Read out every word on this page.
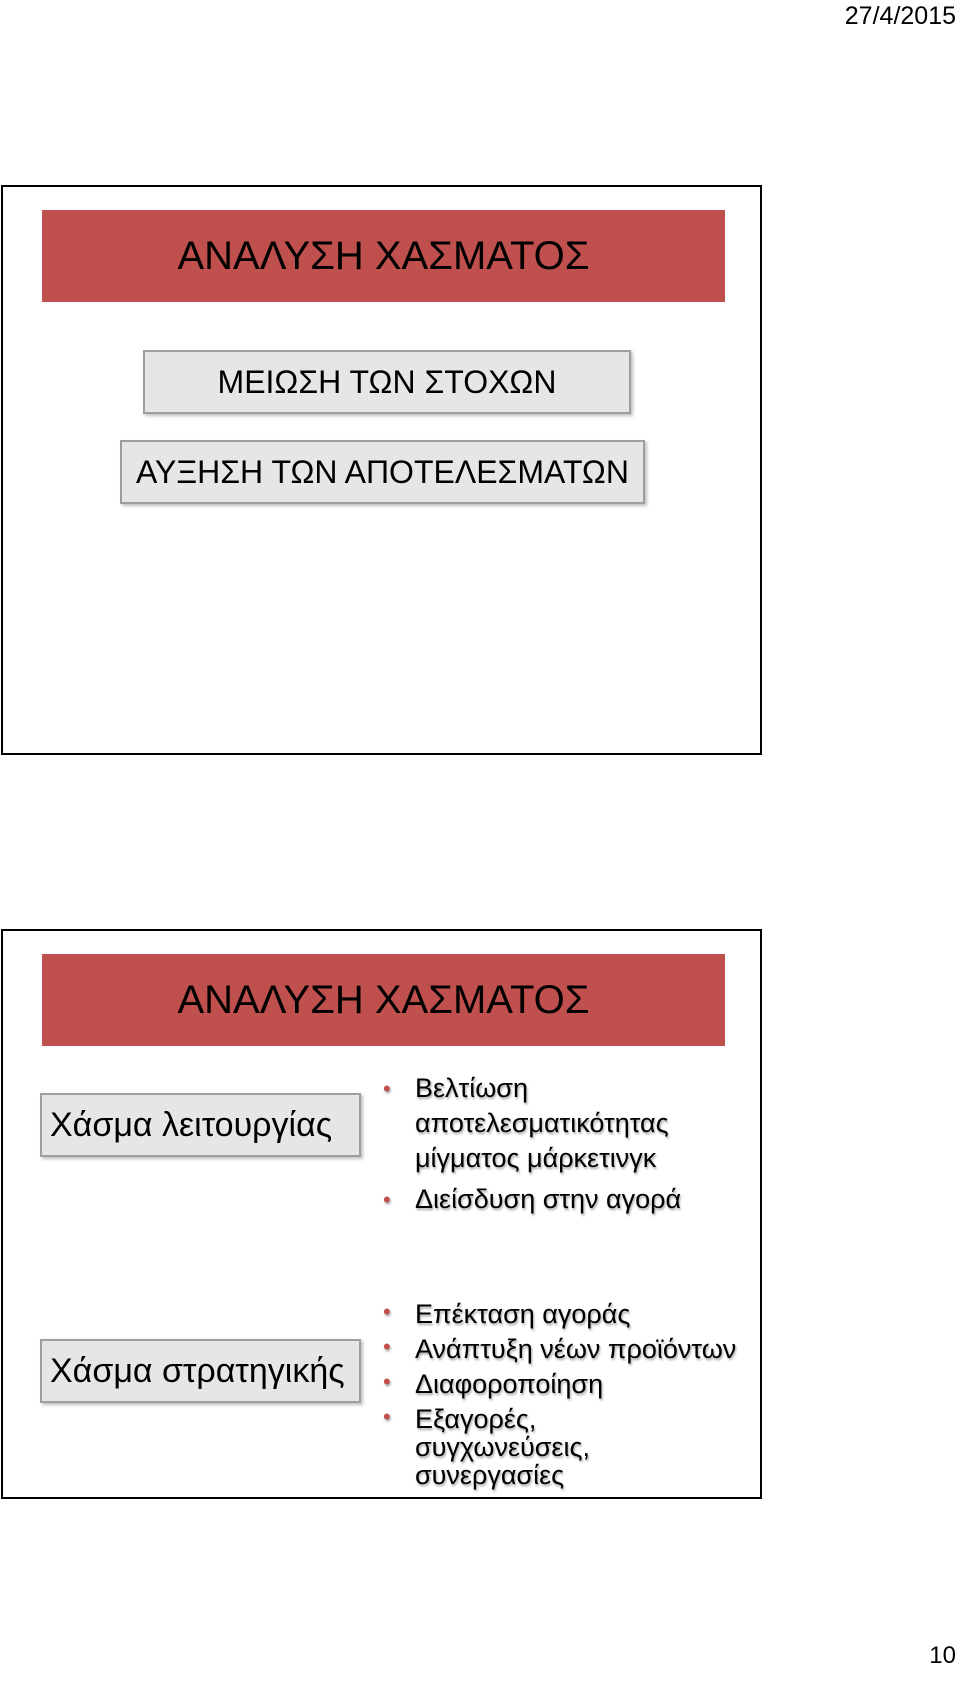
27/4/2015
ΑΝΑΛΥΣΗ ΧΑΣΜΑΤΟΣ
ΜΕΙΩΣΗ ΤΩΝ ΣΤΟΧΩΝ
ΑΥΞΗΣΗ ΤΩΝ ΑΠΟΤΕΛΕΣΜΑΤΩΝ
ΑΝΑΛΥΣΗ ΧΑΣΜΑΤΟΣ
Χάσμα λειτουργίας
• Βελτίωση αποτελεσματικότητας μίγματος μάρκετινγκ
• Διείσδυση στην αγορά
Χάσμα στρατηγικής
• Επέκταση αγοράς
• Ανάπτυξη νέων προϊόντων
• Διαφοροποίηση
• Εξαγορές, συγχωνεύσεις, συνεργασίες
10
